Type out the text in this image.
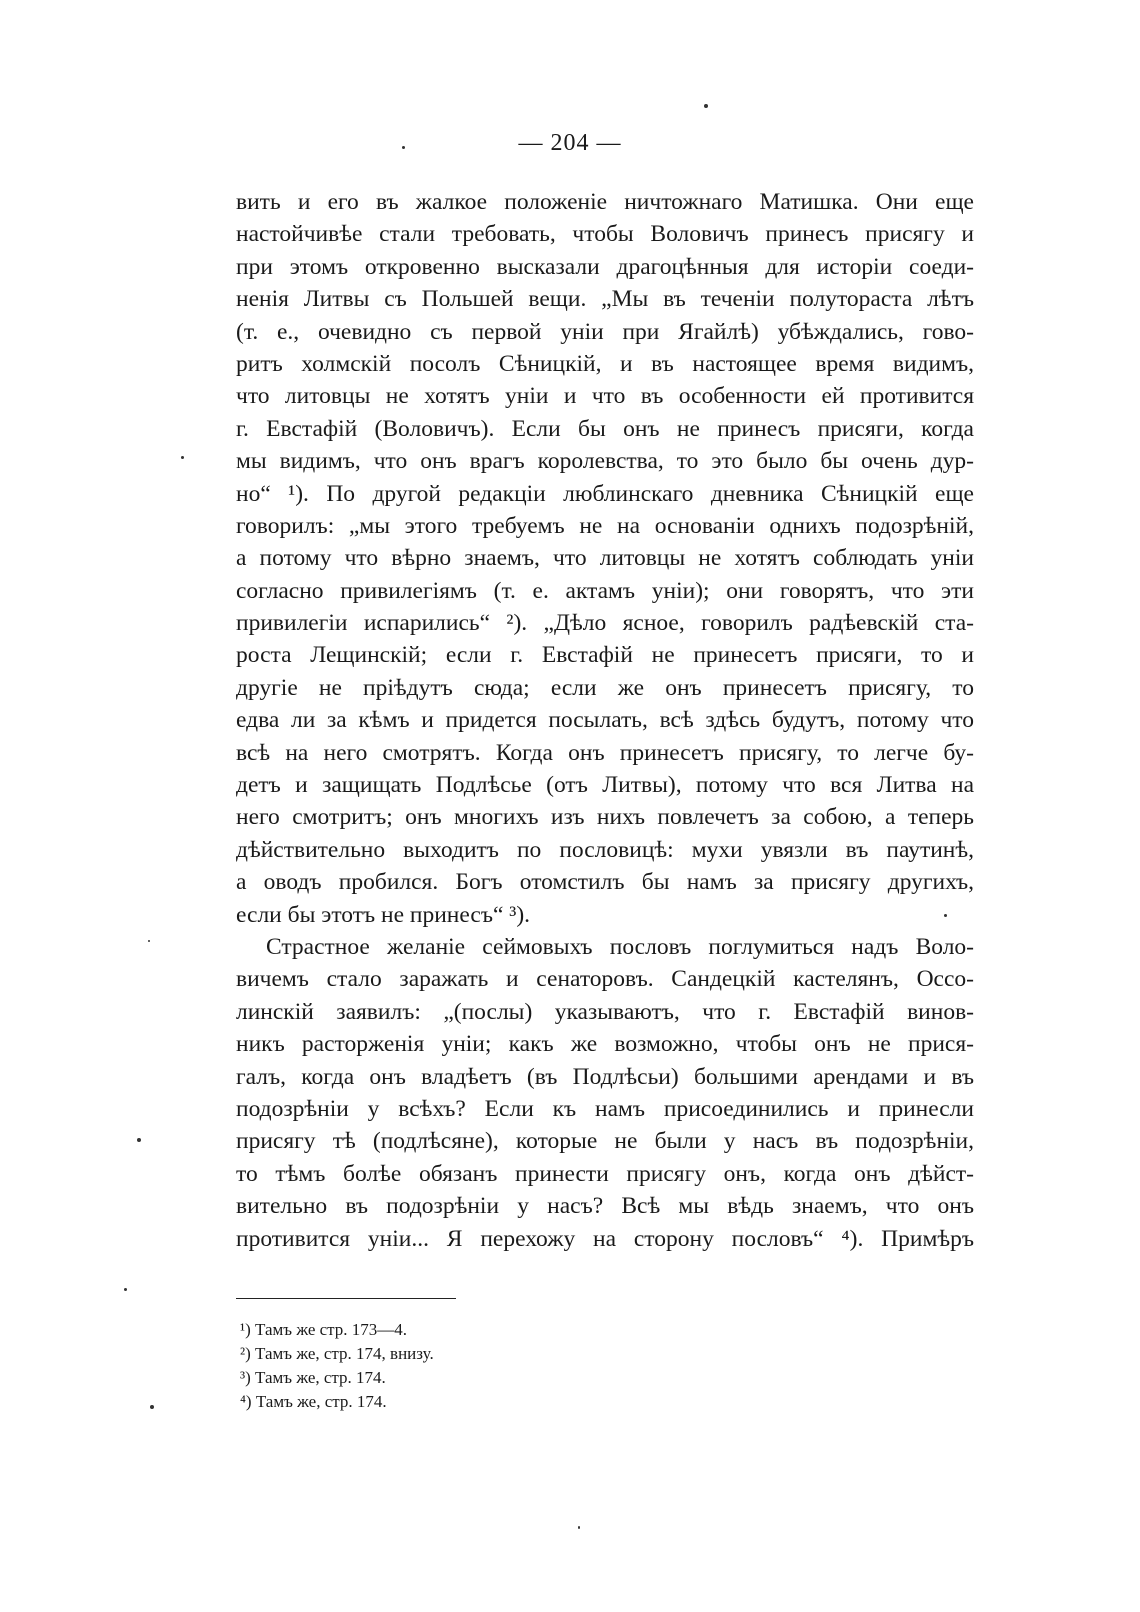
— 204 —
вить и его въ жалкое положеніе ничтожнаго Матишка. Они еще
настойчивѣе стали требовать, чтобы Воловичъ принесъ присягу и
при этомъ откровенно высказали драгоцѣнныя для исторіи соеди-
ненія Литвы съ Польшей вещи. „Мы въ теченіи полутораста лѣтъ
(т. е., очевидно съ первой уніи при Ягайлѣ) убѣждались, гово-
ритъ холмскій посолъ Сѣницкій, и въ настоящее время видимъ,
что литовцы не хотятъ уніи и что въ особенности ей противится
г. Евстафій (Воловичъ). Если бы онъ не принесъ присяги, когда
мы видимъ, что онъ врагъ королевства, то это было бы очень дур-
но“ ¹). По другой редакціи люблинскаго дневника Сѣницкій еще
говорилъ: „мы этого требуемъ не на основаніи однихъ подозрѣній,
а потому что вѣрно знаемъ, что литовцы не хотятъ соблюдать уніи
согласно привилегіямъ (т. е. актамъ уніи); они говорятъ, что эти
привилегіи испарились“ ²). „Дѣло ясное, говорилъ радѣевскій ста-
роста Лещинскій; если г. Евстафій не принесетъ присяги, то и
другіе не пріѣдутъ сюда; если же онъ принесетъ присягу, то
едва ли за кѣмъ и придется посылать, всѣ здѣсь будутъ, потому что
всѣ на него смотрятъ. Когда онъ принесетъ присягу, то легче бу-
детъ и защищать Подлѣсье (отъ Литвы), потому что вся Литва на
него смотритъ; онъ многихъ изъ нихъ повлечетъ за собою, а теперь
дѣйствительно выходитъ по пословицѣ: мухи увязли въ паутинѣ,
а оводъ пробился. Богъ отомстилъ бы намъ за присягу другихъ,
если бы этотъ не принесъ“ ³).
Страстное желаніе сеймовыхъ пословъ поглумиться надъ Воло-
вичемъ стало заражать и сенаторовъ. Сандецкій кастелянъ, Оссо-
линскій заявилъ: „(послы) указываютъ, что г. Евстафій винов-
никъ расторженія уніи; какъ же возможно, чтобы онъ не прися-
галъ, когда онъ владѣетъ (въ Подлѣсьи) большими арендами и въ
подозрѣніи у всѣхъ? Если къ намъ присоединились и принесли
присягу тѣ (подлѣсяне), которые не были у насъ въ подозрѣніи,
то тѣмъ болѣе обязанъ принести присягу онъ, когда онъ дѣйст-
вительно въ подозрѣніи у насъ? Всѣ мы вѣдь знаемъ, что онъ
противится уніи... Я перехожу на сторону пословъ“ ⁴). Примѣръ
¹) Тамъ же стр. 173—4.
²) Тамъ же, стр. 174, внизу.
³) Тамъ же, стр. 174.
⁴) Тамъ же, стр. 174.
